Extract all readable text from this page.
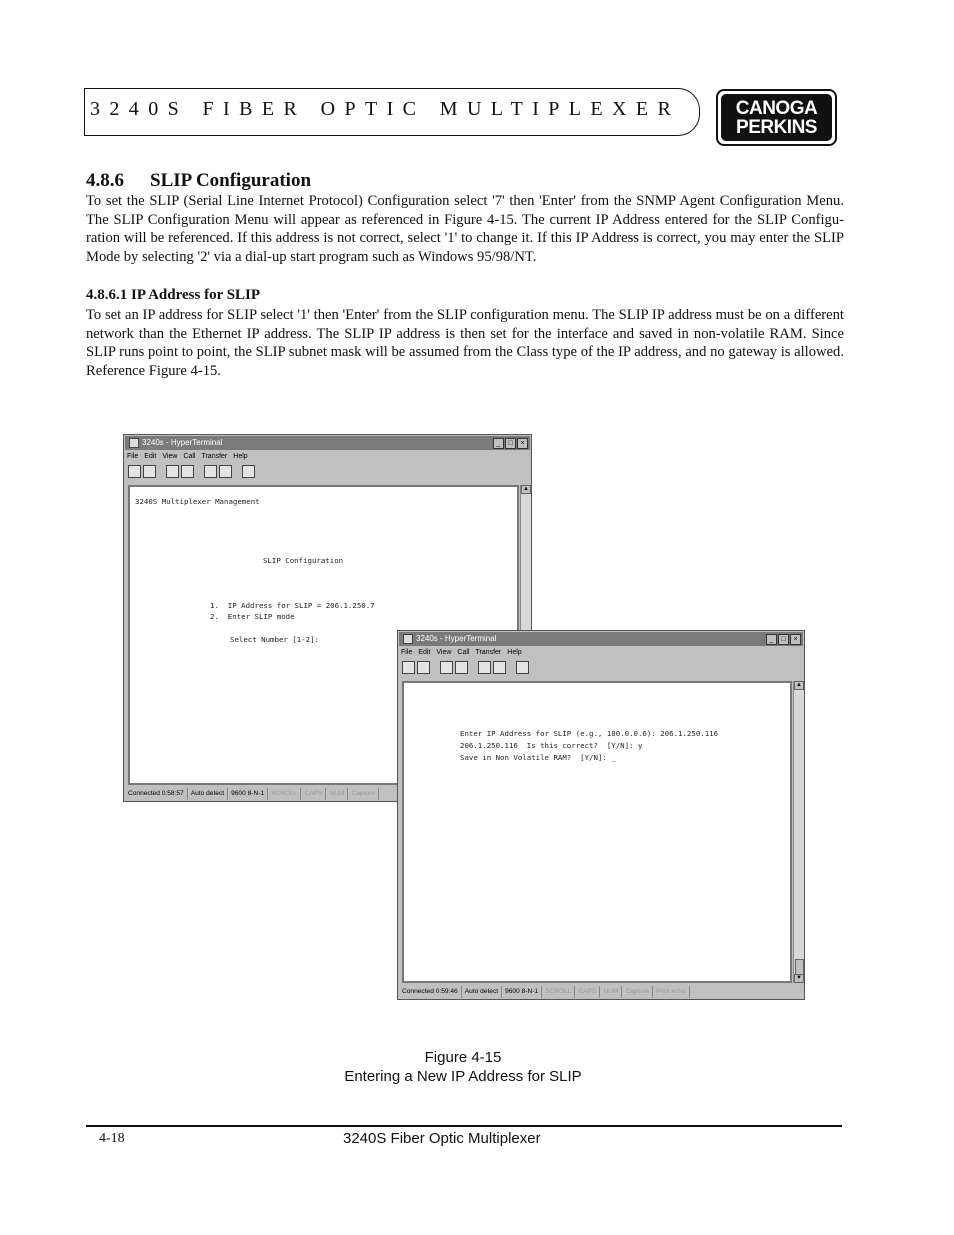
3240S FIBER OPTIC MULTIPLEXER	CANOGA
PERKINS
4.8.6 SLIP Configuration

To set the SLIP (Serial Line Internet Protocol) Configuration select '7' then 'Enter' from the SNMP Agent Configuration Menu. The SLIP Configuration Menu will appear as referenced in Figure 4-15. The current IP Address entered for the SLIP Configu-ration will be referenced. If this address is not correct, select '1' to change it. If this IP Address is correct, you may enter the SLIP Mode by selecting '2' via a dial-up start program such as Windows 95/98/NT.

4.8.6.1 IP Address for SLIP

To set an IP address for SLIP select '1' then 'Enter' from the SLIP configuration menu. The SLIP IP address must be on a different network than the Ethernet IP address. The SLIP IP address is then set for the interface and saved in non-volatile RAM. Since SLIP runs point to point, the SLIP subnet mask will be assumed from the Class type of the IP address, and no gateway is allowed. Reference Figure 4-15.

3240s - HyperTerminal	_	□	×
File Edit View Call Transfer Help
3240S Multiplexer Management
SLIP Configuration
1.  IP Address for SLIP = 206.1.250.7
2.  Enter SLIP mode
Select Number [1-2]:
▲
Connected 0:58:57	Auto detect	9600 8-N-1	SCROLL	CAPS	NUM	Capture
3240s - HyperTerminal	_	□	×
File Edit View Call Transfer Help
Enter IP Address for SLIP (e.g., 180.0.0.6): 206.1.250.116
206.1.250.116  Is this correct?  [Y/N]: y
Save in Non Volatile RAM?  [Y/N]: _
▲
▼
Connected 0:59:46	Auto detect	9600 8-N-1	SCROLL	CAPS	NUM	Capture	Print echo
Figure 4-15
Entering a New IP Address for SLIP
4-18	3240S Fiber Optic Multiplexer
